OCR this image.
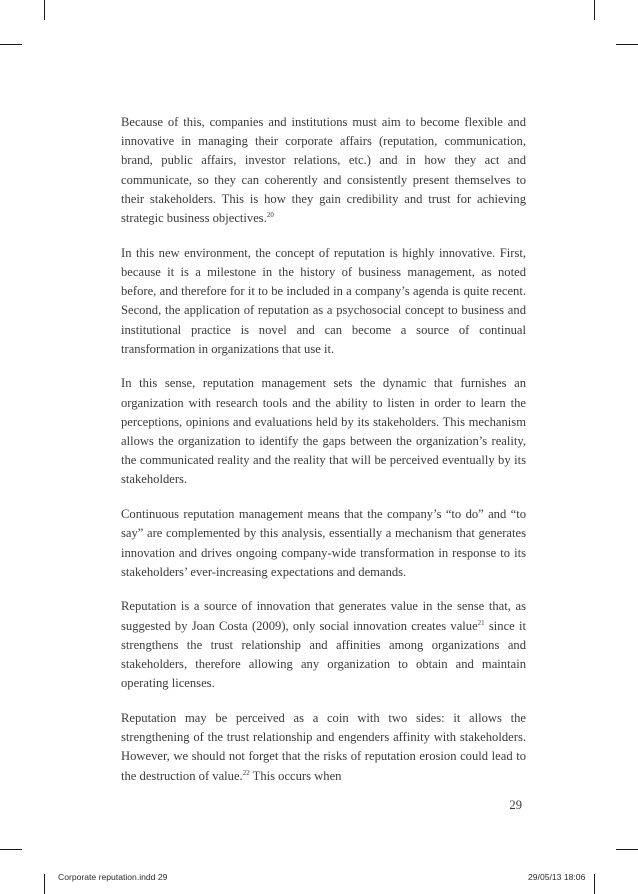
Because of this, companies and institutions must aim to become flexible and innovative in managing their corporate affairs (reputation, communication, brand, public affairs, investor relations, etc.) and in how they act and communicate, so they can coherently and consistently present themselves to their stakeholders. This is how they gain credibility and trust for achieving strategic business objectives.$^{20}$

In this new environment, the concept of reputation is highly innovative. First, because it is a milestone in the history of business management, as noted before, and therefore for it to be included in a company’s agenda is quite recent. Second, the application of reputation as a psychosocial concept to business and institutional practice is novel and can become a source of continual transformation in organizations that use it.

In this sense, reputation management sets the dynamic that furnishes an organization with research tools and the ability to listen in order to learn the perceptions, opinions and evaluations held by its stakeholders. This mechanism allows the organization to identify the gaps between the organization’s reality, the communicated reality and the reality that will be perceived eventually by its stakeholders.

Continuous reputation management means that the company’s “to do” and “to say” are complemented by this analysis, essentially a mechanism that generates innovation and drives ongoing company-wide transformation in response to its stakeholders’ ever-increasing expectations and demands.

Reputation is a source of innovation that generates value in the sense that, as suggested by Joan Costa (2009), only social innovation creates value$^{21}$ since it strengthens the trust relationship and affinities among organizations and stakeholders, therefore allowing any organization to obtain and maintain operating licenses.

Reputation may be perceived as a coin with two sides: it allows the strengthening of the trust relationship and engenders affinity with stakeholders. However, we should not forget that the risks of reputation erosion could lead to the destruction of value.$^{22}$ This occurs when

29
Corporate reputation.indd 29	29/05/13 18:06
